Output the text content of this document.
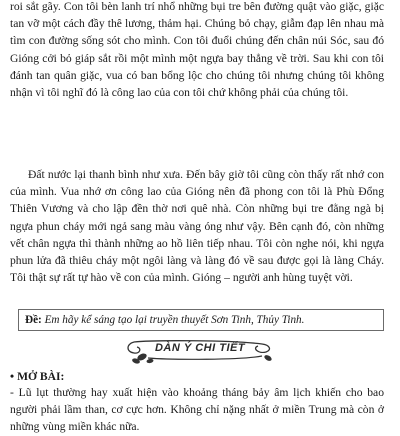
roi sắt gãy. Con tôi bèn lanh trí nhổ những bụi tre bên đường quật vào giặc, giặc tan vỡ một cách đầy thê lương, thảm hại. Chúng bỏ chạy, giẫm đạp lên nhau mà tìm con đường sống sót cho mình. Con tôi đuổi chúng đến chân núi Sóc, sau đó Gióng cởi bỏ giáp sắt rồi một mình một ngựa bay thẳng về trời. Sau khi con tôi đánh tan quân giặc, vua có ban bổng lộc cho chúng tôi nhưng chúng tôi không nhận vì tôi nghĩ đó là công lao của con tôi chứ không phải của chúng tôi.

Đất nước lại thanh bình như xưa. Đến bây giờ tôi cũng còn thấy rất nhớ con của mình. Vua nhớ ơn công lao của Gióng nên đã phong con tôi là Phù Đổng Thiên Vương và cho lập đền thờ nơi quê nhà. Còn những bụi tre đằng ngà bị ngựa phun cháy mới ngả sang màu vàng óng như vậy. Bên cạnh đó, còn những vết chân ngựa thì thành những ao hồ liên tiếp nhau. Tôi còn nghe nói, khi ngựa phun lửa đã thiêu cháy một ngôi làng và làng đó về sau được gọi là làng Cháy. Tôi thật sự rất tự hào về con của mình. Gióng – người anh hùng tuyệt vời.

Đề: Em hãy kể sáng tạo lại truyền thuyết Sơn Tinh, Thủy Tinh.
DÀN Ý CHI TIẾT
• MỞ BÀI:

- Lũ lụt thường hay xuất hiện vào khoảng tháng bảy âm lịch khiến cho bao người phải lầm than, cơ cực hơn. Không chỉ nặng nhất ở miền Trung mà còn ở những vùng miền khác nữa.
